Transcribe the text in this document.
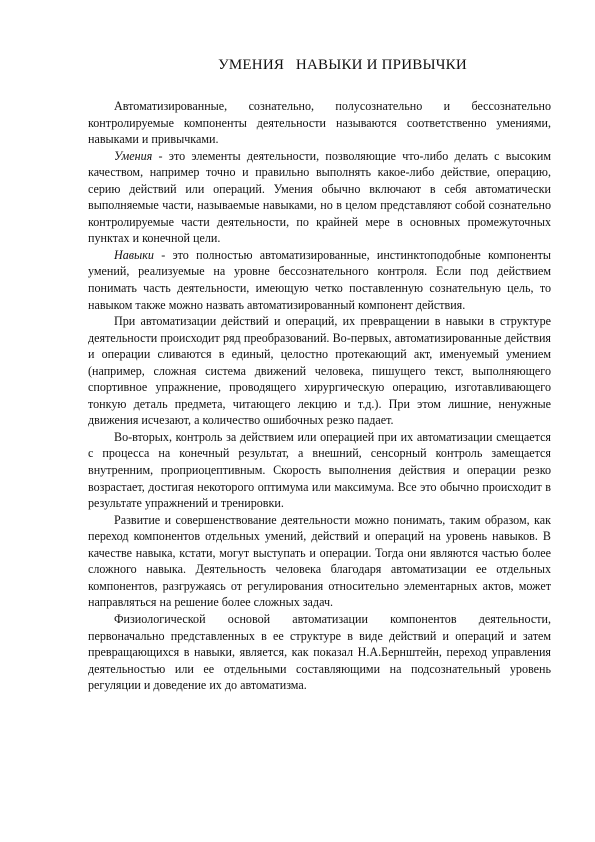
УМЕНИЯ   НАВЫКИ И ПРИВЫЧКИ

Автоматизированные, сознательно, полусознательно и бессознательно контролируемые компоненты деятельности называются соответственно умениями, навыками и привычками.

Умения - это элементы деятельности, позволяющие что-либо делать с высоким качеством, например точно и правильно выполнять какое-либо действие, операцию, серию действий или операций. Умения обычно включают в себя автоматически выполняемые части, называемые навыками, но в целом представляют собой сознательно контролируемые части деятельности, по крайней мере в основных промежуточных пунктах и конечной цели.

Навыки - это полностью автоматизированные, инстинктоподобные компоненты умений, реализуемые на уровне бессознательного контроля. Если под действием понимать часть деятельности, имеющую четко поставленную сознательную цель, то навыком также можно назвать автоматизированный компонент действия.

При автоматизации действий и операций, их превращении в навыки в структуре деятельности происходит ряд преобразований. Во-первых, автоматизированные действия и операции сливаются в единый, целостно протекающий акт, именуемый умением (например, сложная система движений человека, пишущего текст, выполняющего спортивное упражнение, проводящего хирургическую операцию, изготавливающего тонкую деталь предмета, читающего лекцию и т.д.). При этом лишние, ненужные движения исчезают, а количество ошибочных резко падает.

Во-вторых, контроль за действием или операцией при их автоматизации смещается с процесса на конечный результат, а внешний, сенсорный контроль замещается внутренним, проприоцептивным. Скорость выполнения действия и операции резко возрастает, достигая некоторого оптимума или максимума. Все это обычно происходит в результате упражнений и тренировки.

Развитие и совершенствование деятельности можно понимать, таким образом, как переход компонентов отдельных умений, действий и операций на уровень навыков. В качестве навыка, кстати, могут выступать и операции. Тогда они являются частью более сложного навыка. Деятельность человека благодаря автоматизации ее отдельных компонентов, разгружаясь от регулирования относительно элементарных актов, может направляться на решение более сложных задач.

Физиологической основой автоматизации компонентов деятельности, первоначально представленных в ее структуре в виде действий и операций и затем превращающихся в навыки, является, как показал Н.А.Бернштейн, переход управления деятельностью или ее отдельными составляющими на подсознательный уровень регуляции и доведение их до автоматизма.
